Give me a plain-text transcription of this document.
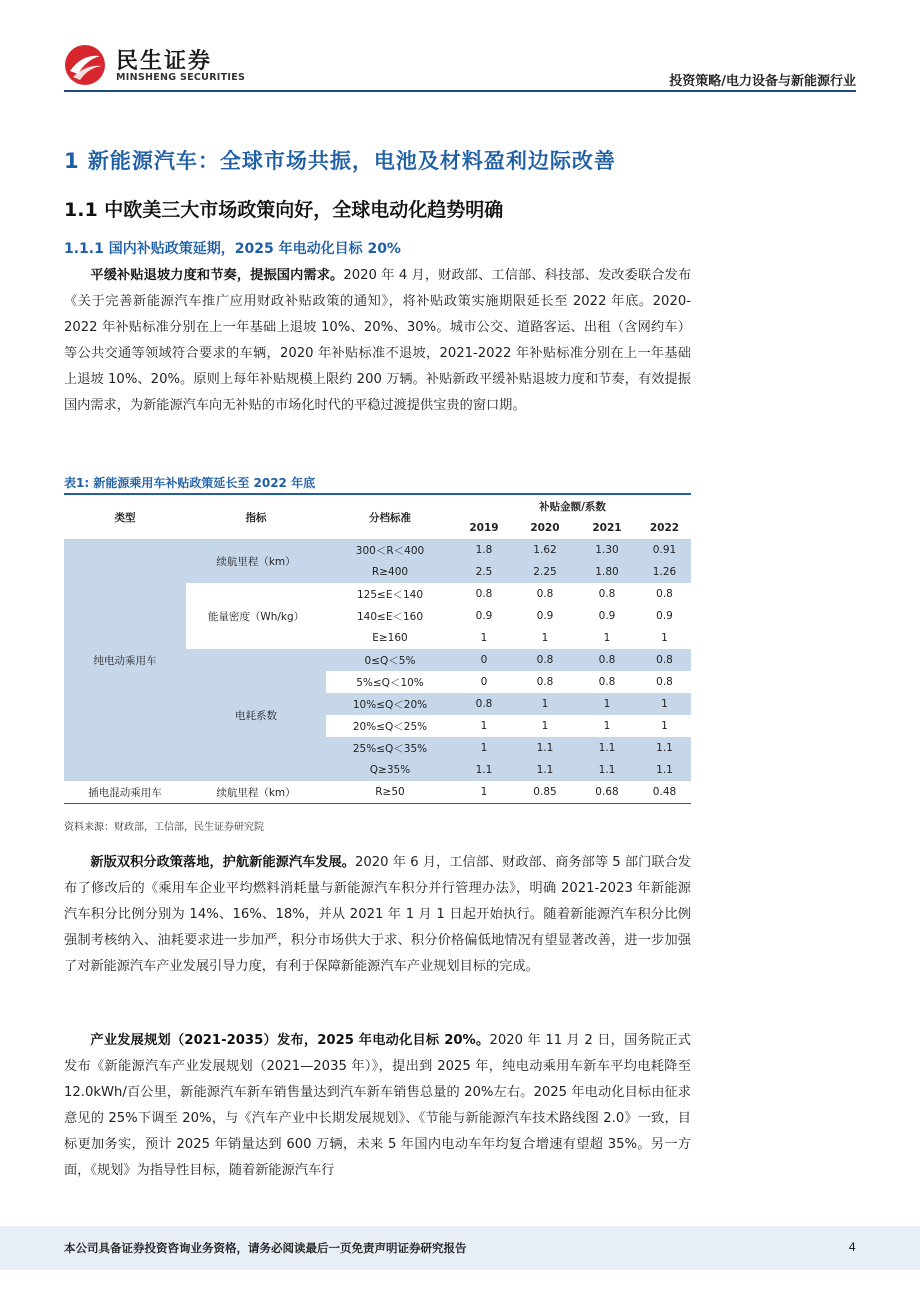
民生证券
MINSHENG SECURITIES	投资策略/电力设备与新能源行业
1 新能源汽车：全球市场共振，电池及材料盈利边际改善
1.1 中欧美三大市场政策向好，全球电动化趋势明确
1.1.1 国内补贴政策延期，2025 年电动化目标 20%

平缓补贴退坡力度和节奏，提振国内需求。2020 年 4 月，财政部、工信部、科技部、发改委联合发布《关于完善新能源汽车推广应用财政补贴政策的通知》，将补贴政策实施期限延长至 2022 年底。2020-2022 年补贴标准分别在上一年基础上退坡 10%、20%、30%。城市公交、道路客运、出租（含网约车）等公共交通等领域符合要求的车辆，2020 年补贴标准不退坡，2021-2022 年补贴标准分别在上一年基础上退坡 10%、20%。原则上每年补贴规模上限约 200 万辆。补贴新政平缓补贴退坡力度和节奏，有效提振国内需求，为新能源汽车向无补贴的市场化时代的平稳过渡提供宝贵的窗口期。

表1: 新能源乘用车补贴政策延长至 2022 年底
类型	指标	分档标准	补贴金额/系数			
			2019	2020	2021	2022
纯电动乘用车	续航里程（km）	300＜R＜400	1.8	1.62	1.30	0.91
		R≥400	2.5	2.25	1.80	1.26
	能量密度（Wh/kg）	125≤E＜140	0.8	0.8	0.8	0.8
		140≤E＜160	0.9	0.9	0.9	0.9
		E≥160	1	1	1	1
	电耗系数	0≤Q＜5%	0	0.8	0.8	0.8
		5%≤Q＜10%	0	0.8	0.8	0.8
		10%≤Q＜20%	0.8	1	1	1
		20%≤Q＜25%	1	1	1	1
		25%≤Q＜35%	1	1.1	1.1	1.1
		Q≥35%	1.1	1.1	1.1	1.1
插电混动乘用车	续航里程（km）	R≥50	1	0.85	0.68	0.48
资料来源：财政部，工信部，民生证券研究院

新版双积分政策落地，护航新能源汽车发展。2020 年 6 月，工信部、财政部、商务部等 5 部门联合发布了修改后的《乘用车企业平均燃料消耗量与新能源汽车积分并行管理办法》，明确 2021-2023 年新能源汽车积分比例分别为 14%、16%、18%，并从 2021 年 1 月 1 日起开始执行。随着新能源汽车积分比例强制考核纳入、油耗要求进一步加严，积分市场供大于求、积分价格偏低地情况有望显著改善，进一步加强了对新能源汽车产业发展引导力度，有利于保障新能源汽车产业规划目标的完成。

产业发展规划（2021-2035）发布，2025 年电动化目标 20%。2020 年 11 月 2 日，国务院正式发布《新能源汽车产业发展规划（2021—2035 年）》，提出到 2025 年，纯电动乘用车新车平均电耗降至 12.0kWh/百公里，新能源汽车新车销售量达到汽车新车销售总量的 20%左右。2025 年电动化目标由征求意见的 25%下调至 20%，与《汽车产业中长期发展规划》、《节能与新能源汽车技术路线图 2.0》一致，目标更加务实，预计 2025 年销量达到 600 万辆，未来 5 年国内电动车年均复合增速有望超 35%。另一方面，《规划》为指导性目标，随着新能源汽车行

本公司具备证券投资咨询业务资格，请务必阅读最后一页免责声明证券研究报告	4
